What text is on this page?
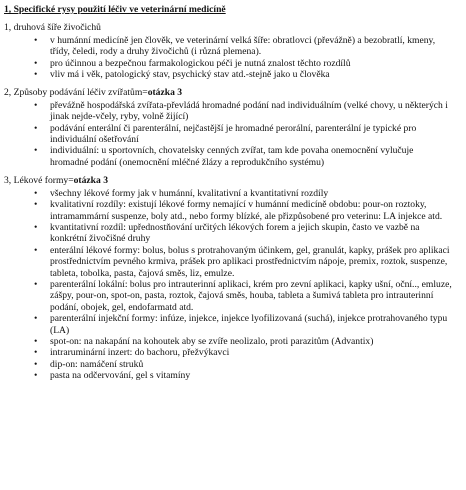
1, Specifické rysy použití léčiv ve veterinární medicíně

1, druhová šíře živočichů

• v humánní medicíně jen člověk, ve veterinární velká šíře: obratlovci (převážně) a bezobratlí, kmeny, třídy, čeledi, rody a druhy živočichů (i různá plemena).
• pro účinnou a bezpečnou farmakologickou péči je nutná znalost těchto rozdílů
• vliv má i věk, patologický stav, psychický stav atd.-stejně jako u člověka

2, Způsoby podávání léčiv zvířatům=otázka 3

• převážně hospodářská zvířata-převládá hromadné podání nad individuálním (velké chovy, u některých i jinak nejde-včely, ryby, volně žijící)
• podávání enterální či parenterální, nejčastější je hromadné perorální, parenterální je typické pro individuální ošetřování
• individuální: u sportovních, chovatelsky cenných zvířat, tam kde povaha onemocnění vylučuje hromadné podání (onemocnění mléčné žlázy a reprodukčního systému)

3, Lékové formy=otázka 3

• všechny lékové formy jak v humánní, kvalitativní a kvantitativní rozdíly
• kvalitativní rozdíly: existují lékové formy nemající v humánní medicíně obdobu: pour-on roztoky, intramammární suspenze, boly atd., nebo formy blízké, ale přizpůsobené pro veterinu: LA injekce atd.
• kvantitativní rozdíl: upřednostňování určitých lékových forem a jejich skupin, často ve vazbě na konkrétní živočišné druhy
• enterální lékové formy: bolus, bolus s protrahovaným účinkem, gel, granulát, kapky, prášek pro aplikaci prostřednictvím pevného krmiva, prášek pro aplikaci prostřednictvím nápoje, premix, roztok, suspenze, tableta, tobolka, pasta, čajová směs, liz, emulze.
• parenterální lokální: bolus pro intrauterinní aplikaci, krém pro zevní aplikaci, kapky ušní, oční.., emluze, zášpy, pour-on, spot-on, pasta, roztok, čajová směs, houba, tableta a šumivá tableta pro intrauterinní podání, obojek, gel, endofarmatd atd.
• parenterální injekční formy: infúze, injekce, injekce lyofilizovaná (suchá), injekce protrahovaného typu (LA)
• spot-on: na nakapání na kohoutek aby se zvíře neolizalo, proti parazitům (Advantix)
• intraruminární inzert: do bachoru, přežvýkavci
• dip-on: namáčení struků
• pasta na odčervování, gel s vitamíny
